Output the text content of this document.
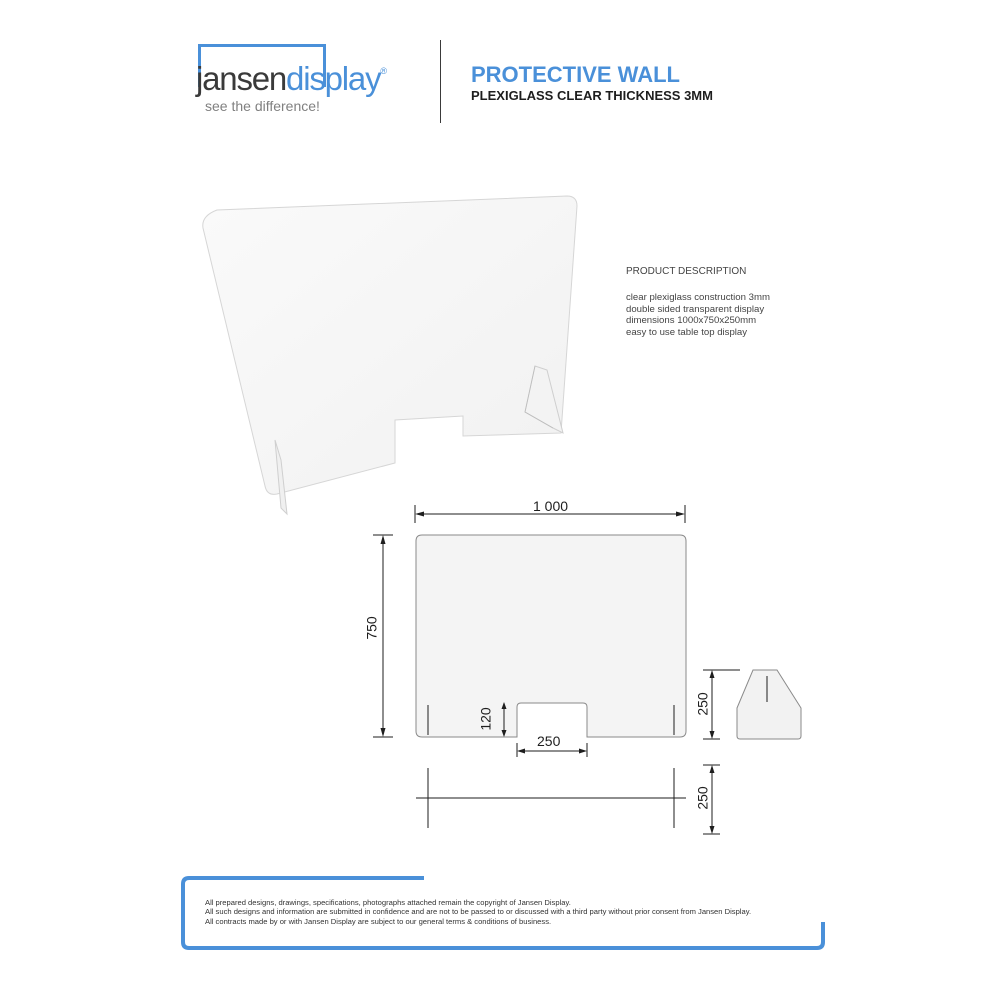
jansendisplay®
see the difference!
PROTECTIVE WALL
PLEXIGLASS CLEAR THICKNESS 3MM
PRODUCT DESCRIPTION
clear plexiglass construction 3mm
double sided transparent display
dimensions 1000x750x250mm
easy to use table top display
1 000
750
120
250
250
250
All prepared designs, drawings, specifications, photographs attached remain the copyright of Jansen Display.
All such designs and information are submitted in confidence and are not to be passed to or discussed with a third party without prior consent from Jansen Display.
All contracts made by or with Jansen Display are subject to our general terms & conditions of business.
